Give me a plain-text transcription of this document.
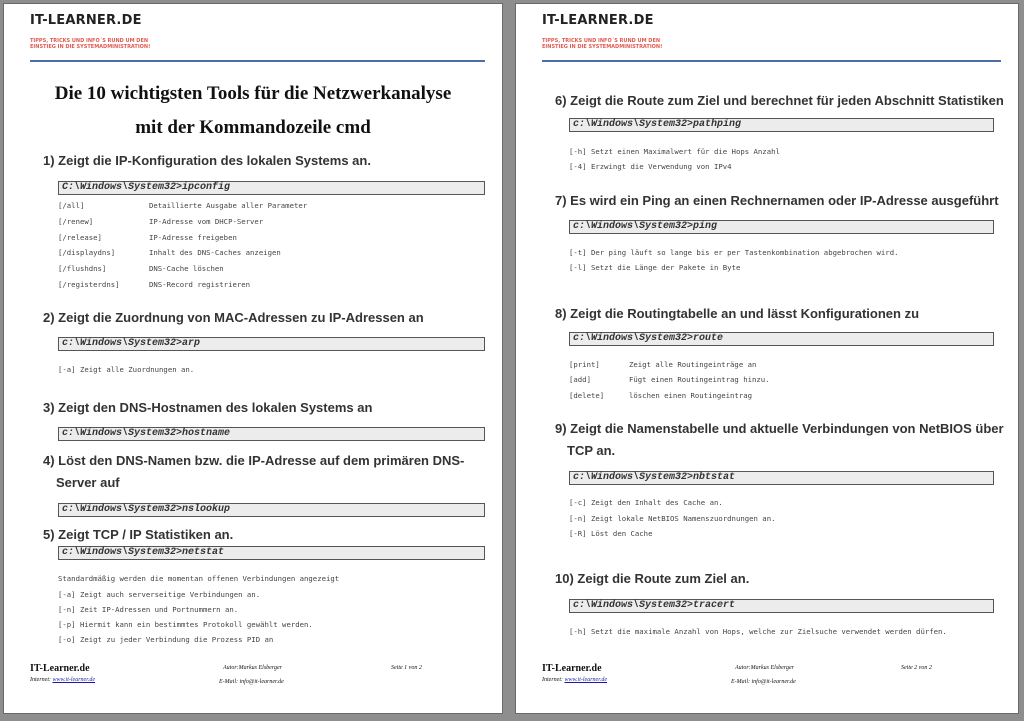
IT-LEARNER.DE
TIPPS, TRICKS UND INFO´S RUND UM DEN EINSTIEG IN DIE SYSTEMADMINISTRATION!
Die 10 wichtigsten Tools für die Netzwerkanalyse
mit der Kommandozeile cmd
1) Zeigt die IP-Konfiguration des lokalen Systems an.
C:\Windows\System32>ipconfig
[/all]	Detaillierte Ausgabe aller Parameter
[/renew]	IP-Adresse vom DHCP-Server
[/release]	IP-Adresse freigeben
[/displaydns]	Inhalt des DNS-Caches anzeigen
[/flushdns]	DNS-Cache löschen
[/registerdns]	DNS-Record registrieren
2) Zeigt die Zuordnung von MAC-Adressen zu IP-Adressen an
c:\Windows\System32>arp
[-a] Zeigt alle Zuordnungen an.
3) Zeigt den DNS-Hostnamen des lokalen Systems an
c:\Windows\System32>hostname
4) Löst den DNS-Namen bzw. die IP-Adresse auf dem primären DNS-
Server auf
c:\Windows\System32>nslookup
5) Zeigt TCP / IP Statistiken an.
c:\Windows\System32>netstat
Standardmäßig werden die momentan offenen Verbindungen angezeigt
[-a] Zeigt auch serverseitige Verbindungen an.
[-n] Zeit IP-Adressen und Portnummern an.
[-p] Hiermit kann ein bestimmtes Protokoll gewählt werden.
[-o] Zeigt zu jeder Verbindung die Prozess PID an
IT-Learner.de
Internet: www.it-learner.de
Autor:Markus Elsberger
E-Mail: info@it-learner.de
Seite 1 von 2
IT-LEARNER.DE
TIPPS, TRICKS UND INFO´S RUND UM DEN EINSTIEG IN DIE SYSTEMADMINISTRATION!
6) Zeigt die Route zum Ziel und berechnet für jeden Abschnitt Statistiken
c:\Windows\System32>pathping
[-h] Setzt einen Maximalwert für die Hops Anzahl
[-4] Erzwingt die Verwendung von IPv4
7) Es wird ein Ping an einen Rechnernamen oder IP-Adresse ausgeführt
c:\Windows\System32>ping
[-t] Der ping läuft so lange bis er per Tastenkombination abgebrochen wird.
[-l] Setzt die Länge der Pakete in Byte
8) Zeigt die Routingtabelle an und lässt Konfigurationen zu
c:\Windows\System32>route
[print]	Zeigt alle Routingeinträge an
[add]	Fügt einen Routingeintrag hinzu.
[delete]	löschen einen Routingeintrag
9) Zeigt die Namenstabelle und aktuelle Verbindungen von NetBIOS über
TCP an.
c:\Windows\System32>nbtstat
[-c] Zeigt den Inhalt des Cache an.
[-n] Zeigt lokale NetBIOS Namenszuordnungen an.
[-R] Löst den Cache
10) Zeigt die Route zum Ziel an.
c:\Windows\System32>tracert
[-h] Setzt die maximale Anzahl von Hops, welche zur Zielsuche verwendet werden dürfen.
IT-Learner.de
Internet: www.it-learner.de
Autor:Markus Elsberger
E-Mail: info@it-learner.de
Seite 2 von 2
